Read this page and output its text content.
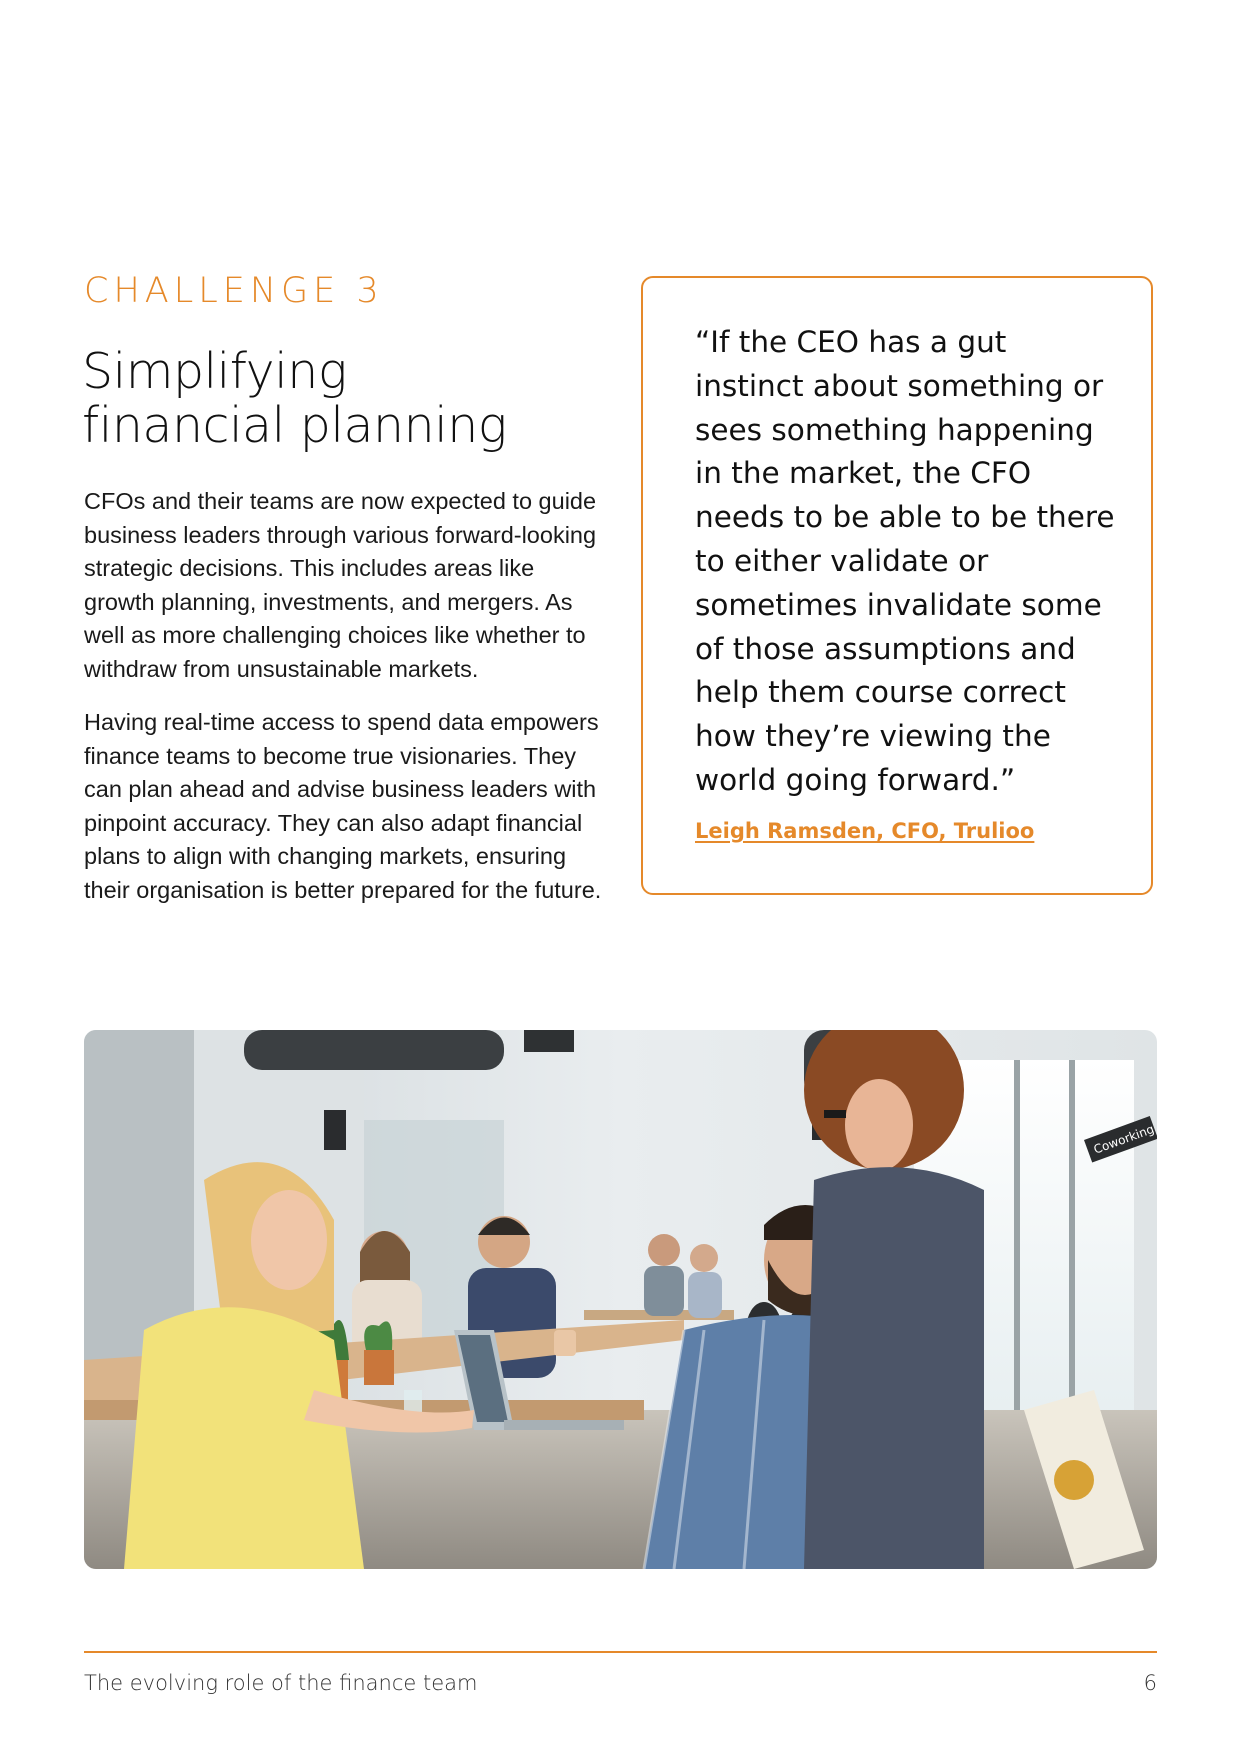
CHALLENGE 3
Simplifying
financial planning

CFOs and their teams are now expected to guide business leaders through various forward-looking strategic decisions. This includes areas like growth planning, investments, and mergers. As well as more challenging choices like whether to withdraw from unsustainable markets.

Having real-time access to spend data empowers finance teams to become true visionaries. They can plan ahead and advise business leaders with pinpoint accuracy. They can also adapt financial plans to align with changing markets, ensuring their organisation is better prepared for the future.

“If the CEO has a gut instinct about something or sees something happening in the market, the CFO needs to be able to be there to either validate or sometimes invalidate some of those assumptions and help them course correct how they’re viewing the world going forward.”

Leigh Ramsden, CFO, Trulioo

Coworking
The evolving role of the finance team	6
